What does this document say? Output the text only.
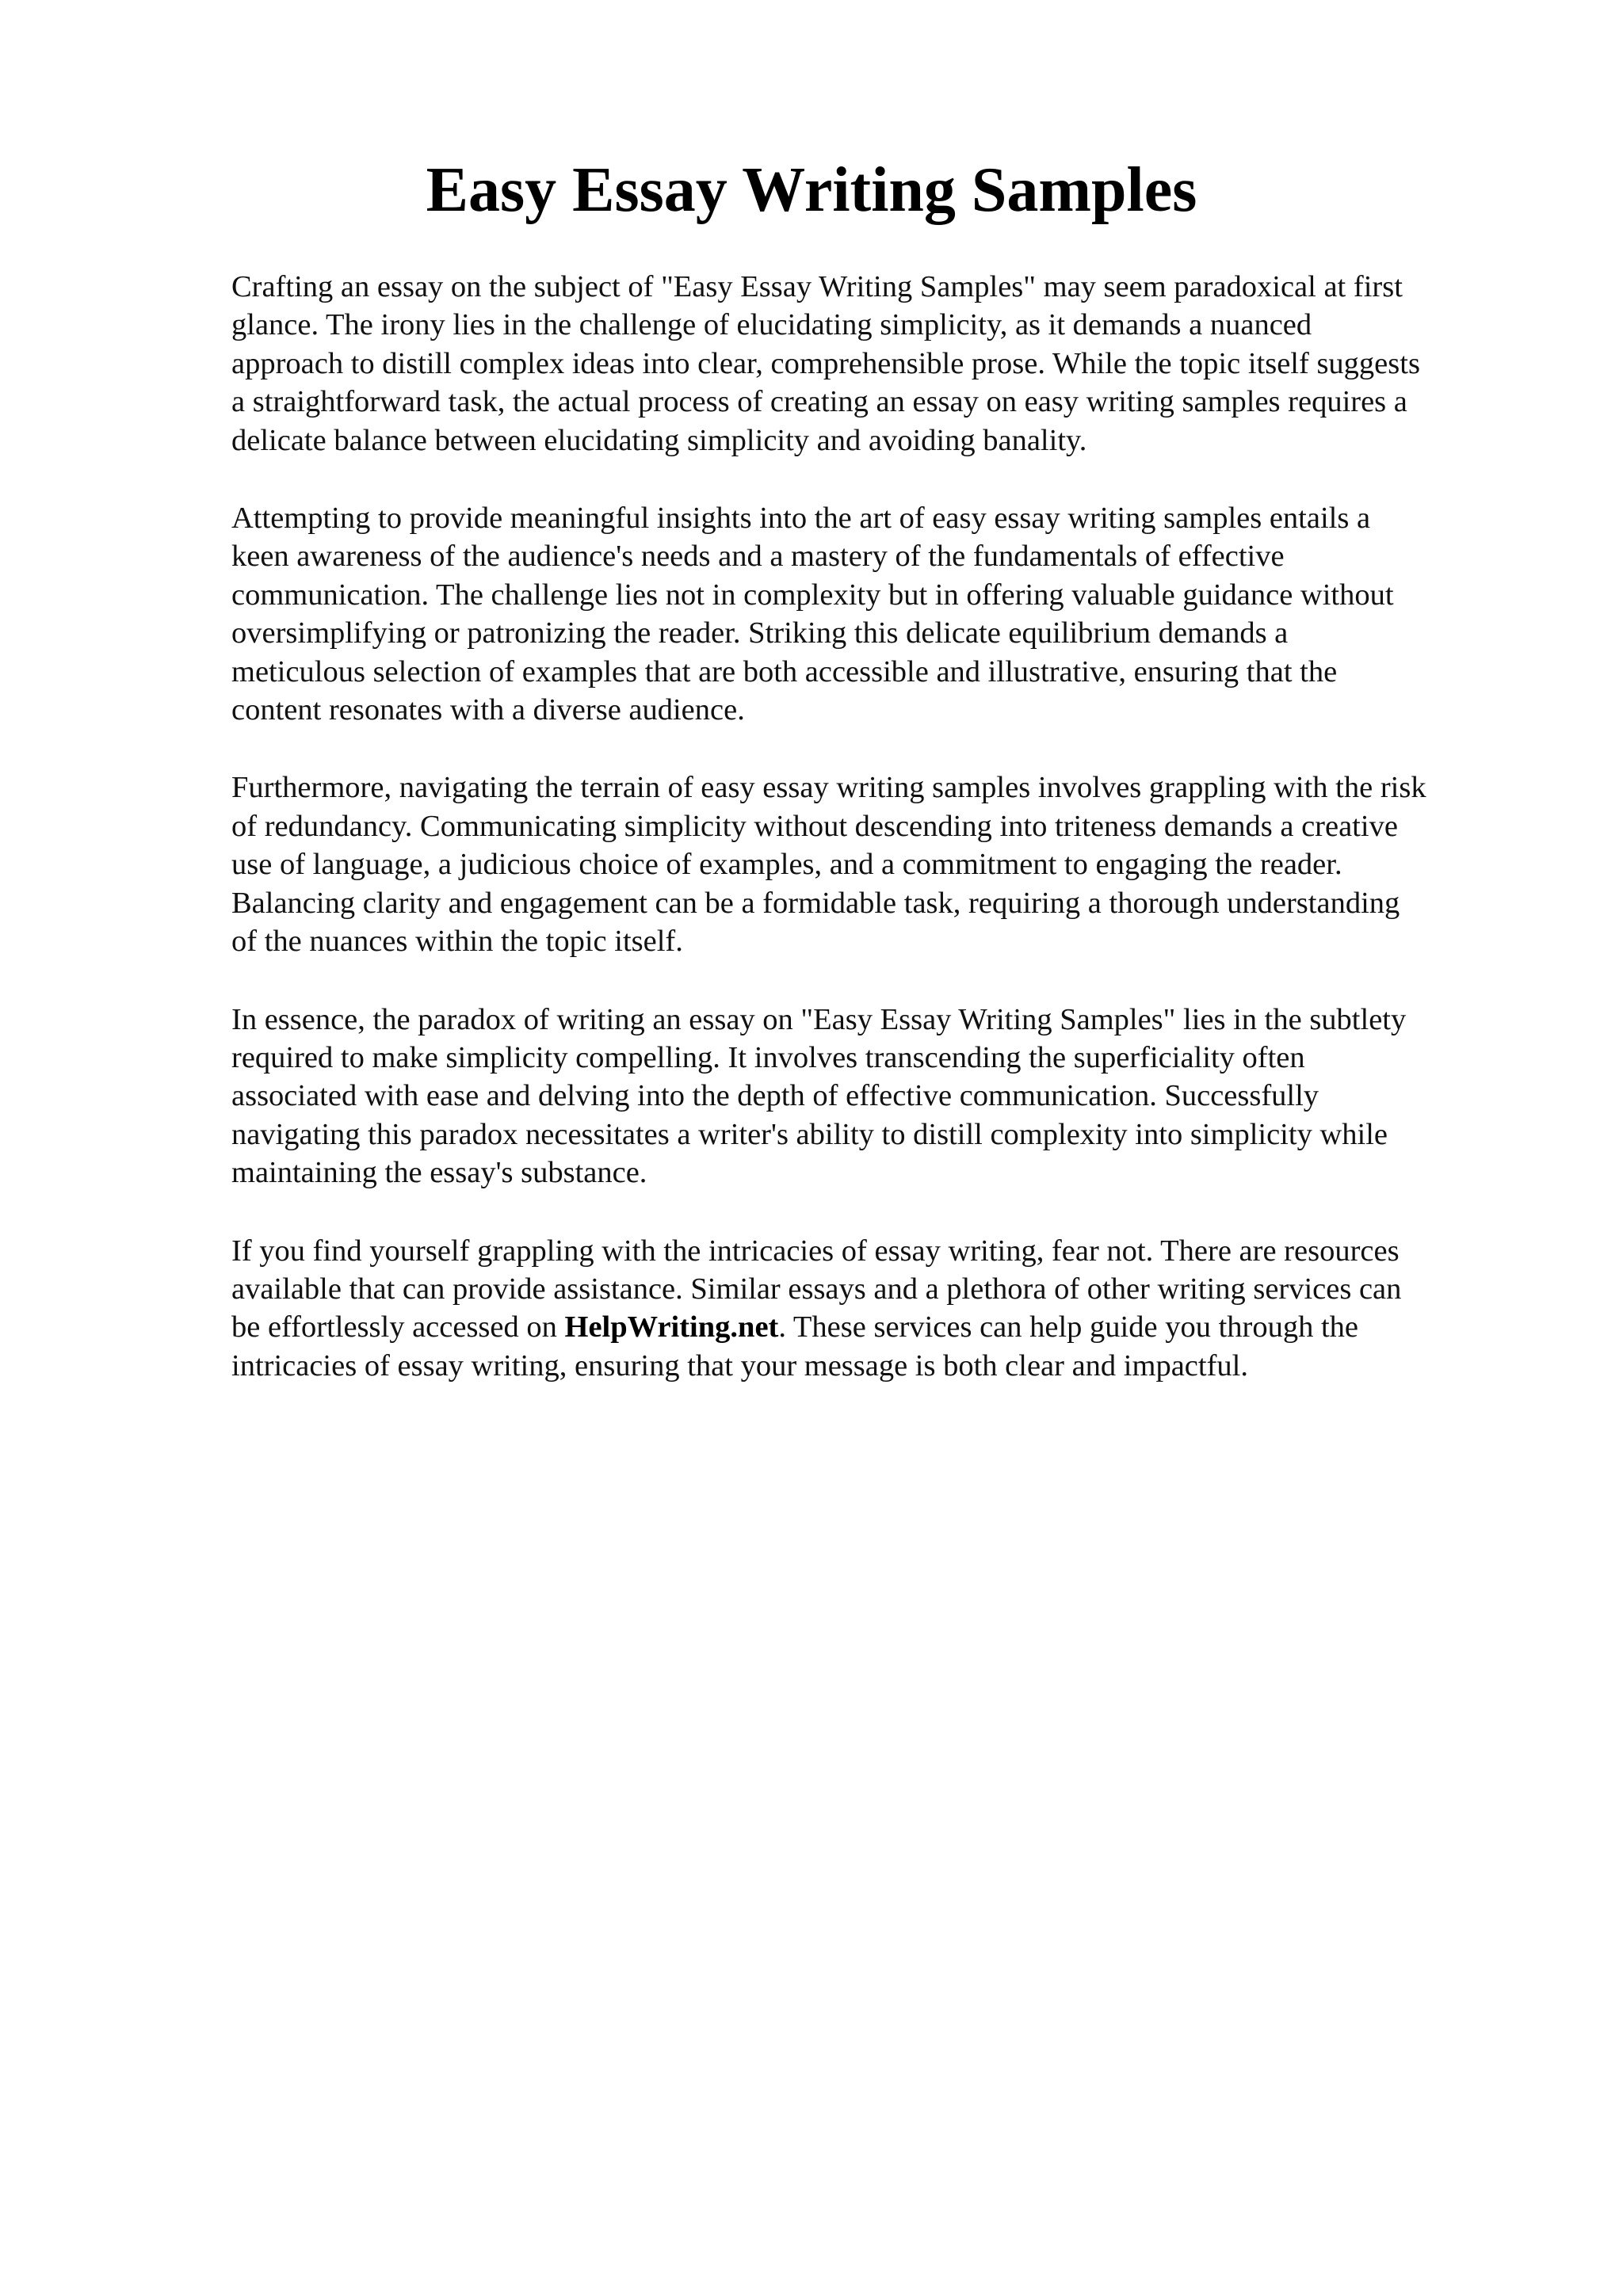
Easy Essay Writing Samples

Crafting an essay on the subject of "Easy Essay Writing Samples" may seem paradoxical at first
glance. The irony lies in the challenge of elucidating simplicity, as it demands a nuanced
approach to distill complex ideas into clear, comprehensible prose. While the topic itself suggests
a straightforward task, the actual process of creating an essay on easy writing samples requires a
delicate balance between elucidating simplicity and avoiding banality.

Attempting to provide meaningful insights into the art of easy essay writing samples entails a
keen awareness of the audience's needs and a mastery of the fundamentals of effective
communication. The challenge lies not in complexity but in offering valuable guidance without
oversimplifying or patronizing the reader. Striking this delicate equilibrium demands a
meticulous selection of examples that are both accessible and illustrative, ensuring that the
content resonates with a diverse audience.

Furthermore, navigating the terrain of easy essay writing samples involves grappling with the risk
of redundancy. Communicating simplicity without descending into triteness demands a creative
use of language, a judicious choice of examples, and a commitment to engaging the reader.
Balancing clarity and engagement can be a formidable task, requiring a thorough understanding
of the nuances within the topic itself.

In essence, the paradox of writing an essay on "Easy Essay Writing Samples" lies in the subtlety
required to make simplicity compelling. It involves transcending the superficiality often
associated with ease and delving into the depth of effective communication. Successfully
navigating this paradox necessitates a writer's ability to distill complexity into simplicity while
maintaining the essay's substance.

If you find yourself grappling with the intricacies of essay writing, fear not. There are resources
available that can provide assistance. Similar essays and a plethora of other writing services can
be effortlessly accessed on HelpWriting.net. These services can help guide you through the
intricacies of essay writing, ensuring that your message is both clear and impactful.
